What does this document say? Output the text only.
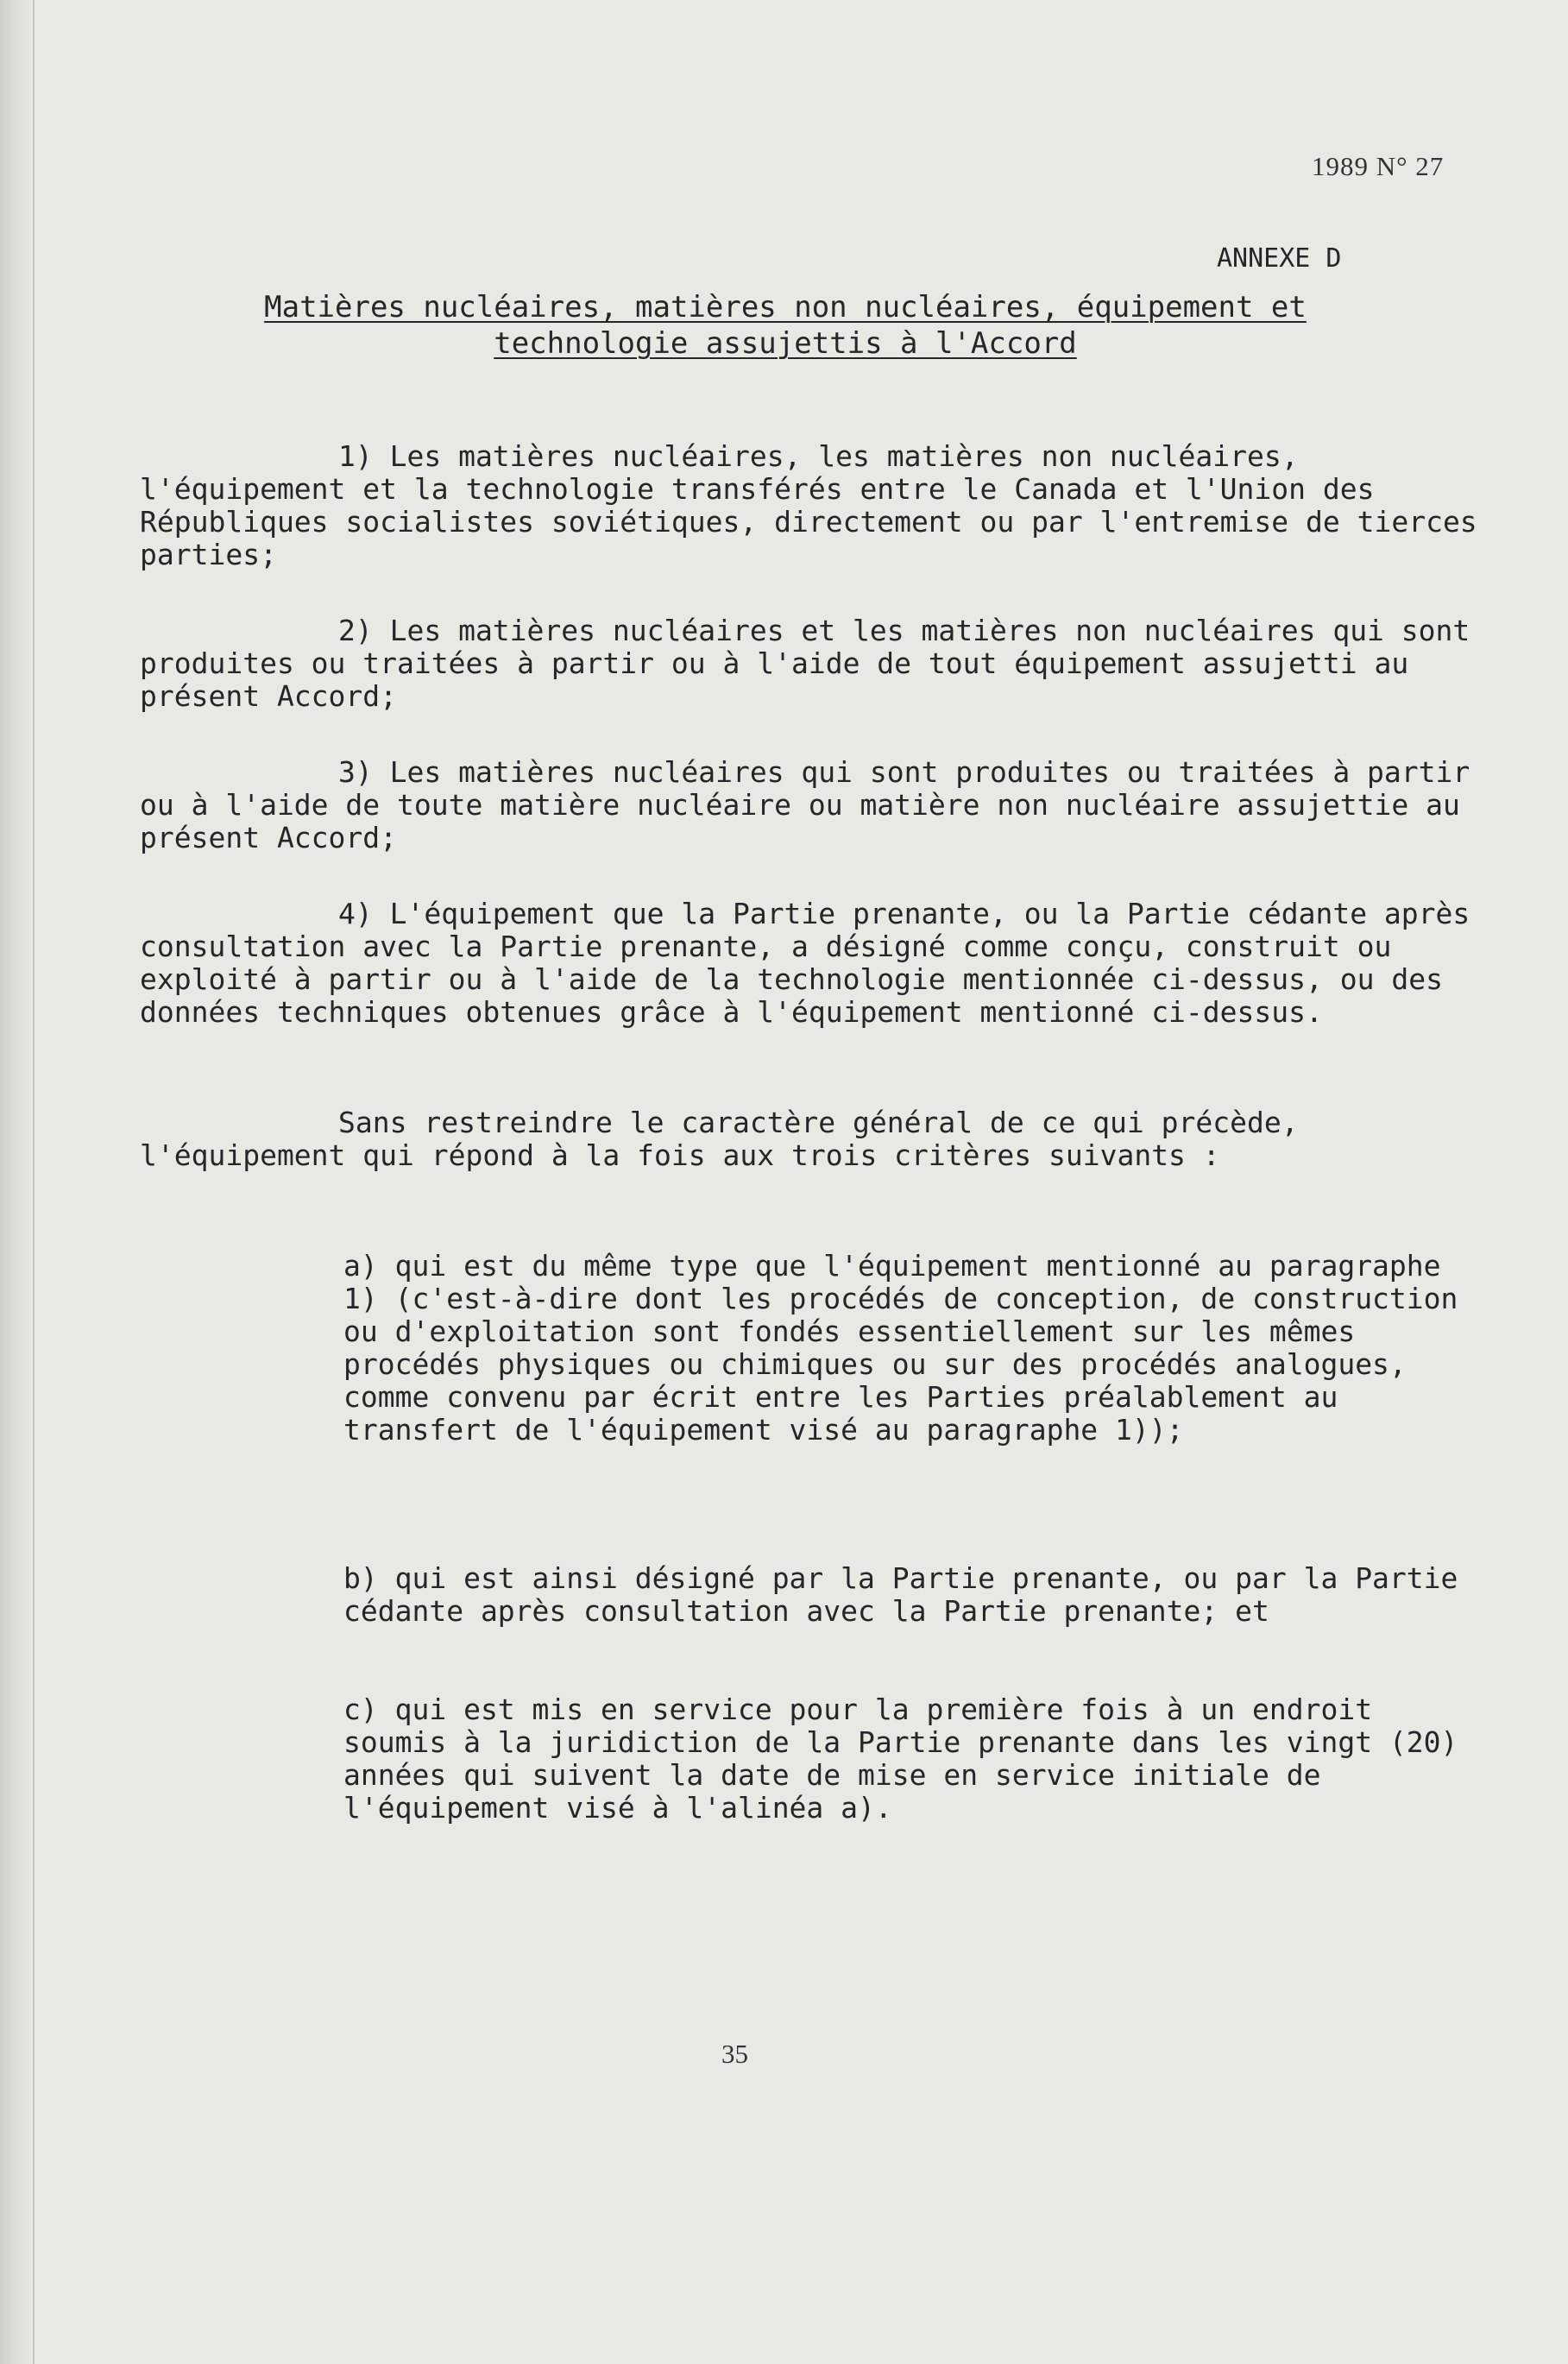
1989 N° 27
ANNEXE D
Matières nucléaires, matières non nucléaires, équipement et
technologie assujettis à l'Accord

1) Les matières nucléaires, les matières non nucléaires, l'équipement et la technologie transférés entre le Canada et l'Union des Républiques socialistes soviétiques, directement ou par l'entremise de tierces parties;

2) Les matières nucléaires et les matières non nucléaires qui sont produites ou traitées à partir ou à l'aide de tout équipement assujetti au présent Accord;

3) Les matières nucléaires qui sont produites ou traitées à partir ou à l'aide de toute matière nucléaire ou matière non nucléaire assujettie au présent Accord;

4) L'équipement que la Partie prenante, ou la Partie cédante après consultation avec la Partie prenante, a désigné comme conçu, construit ou exploité à partir ou à l'aide de la technologie mentionnée ci-dessus, ou des données techniques obtenues grâce à l'équipement mentionné ci-dessus.

Sans restreindre le caractère général de ce qui précède, l'équipement qui répond à la fois aux trois critères suivants :

a) qui est du même type que l'équipement mentionné au paragraphe 1) (c'est-à-dire dont les procédés de conception, de construction ou d'exploitation sont fondés essentiellement sur les mêmes procédés physiques ou chimiques ou sur des procédés analogues, comme convenu par écrit entre les Parties préalablement au transfert de l'équipement visé au paragraphe 1));

b) qui est ainsi désigné par la Partie prenante, ou par la Partie cédante après consultation avec la Partie prenante; et

c) qui est mis en service pour la première fois à un endroit soumis à la juridiction de la Partie prenante dans les vingt (20) années qui suivent la date de mise en service initiale de l'équipement visé à l'alinéa a).

35
